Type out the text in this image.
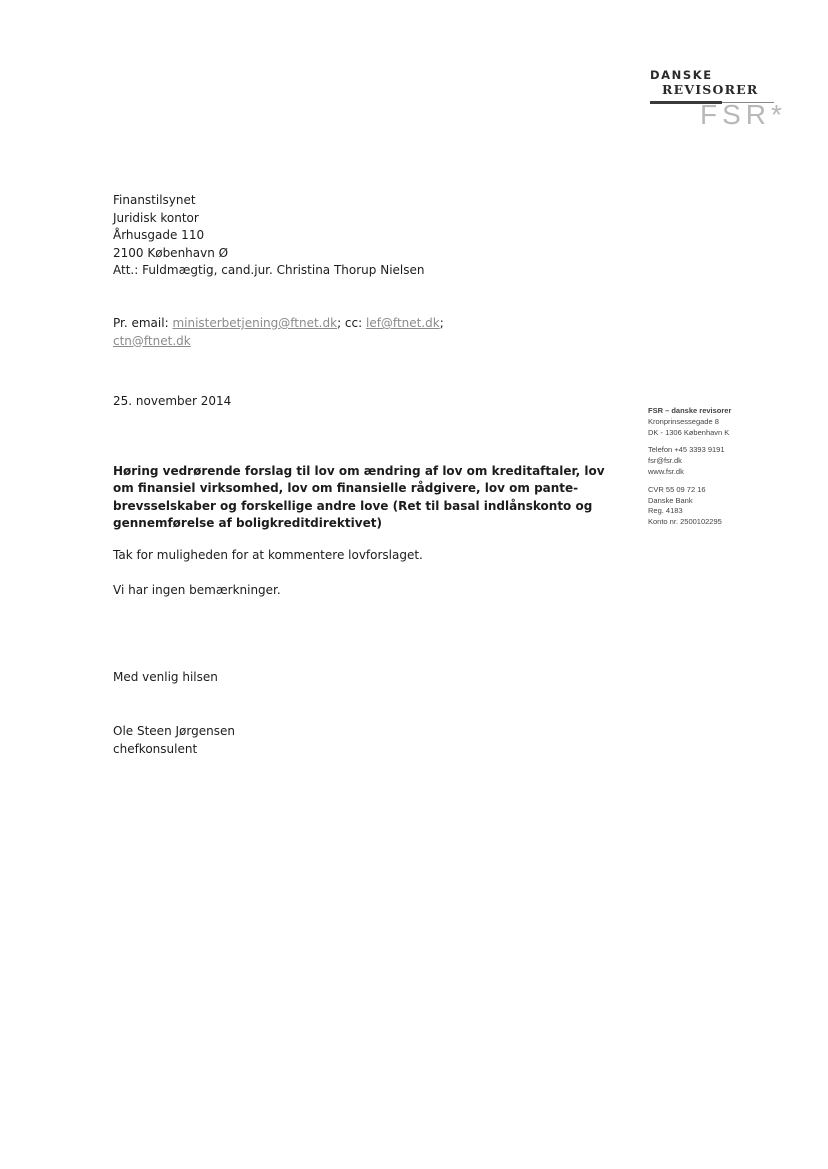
DANSKE
REVISORER
FSR*
Finanstilsynet
Juridisk kontor
Århusgade 110
2100 København Ø
Att.: Fuldmægtig, cand.jur. Christina Thorup Nielsen
Pr. email: ministerbetjening@ftnet.dk; cc: lef@ftnet.dk;
ctn@ftnet.dk
25. november 2014
Høring vedrørende forslag til lov om ændring af lov om kreditaftaler, lov om finansiel virksomhed, lov om finansielle rådgivere, lov om pante-brevsselskaber og forskellige andre love (Ret til basal indlånskonto og gennemførelse af boligkreditdirektivet)
Tak for muligheden for at kommentere lovforslaget.
Vi har ingen bemærkninger.
Med venlig hilsen
Ole Steen Jørgensen
chefkonsulent
FSR – danske revisorer
Kronprinsessegade 8
DK - 1306 København K
Telefon +45 3393 9191
fsr@fsr.dk
www.fsr.dk
CVR 55 09 72 16
Danske Bank
Reg. 4183
Konto nr. 2500102295
